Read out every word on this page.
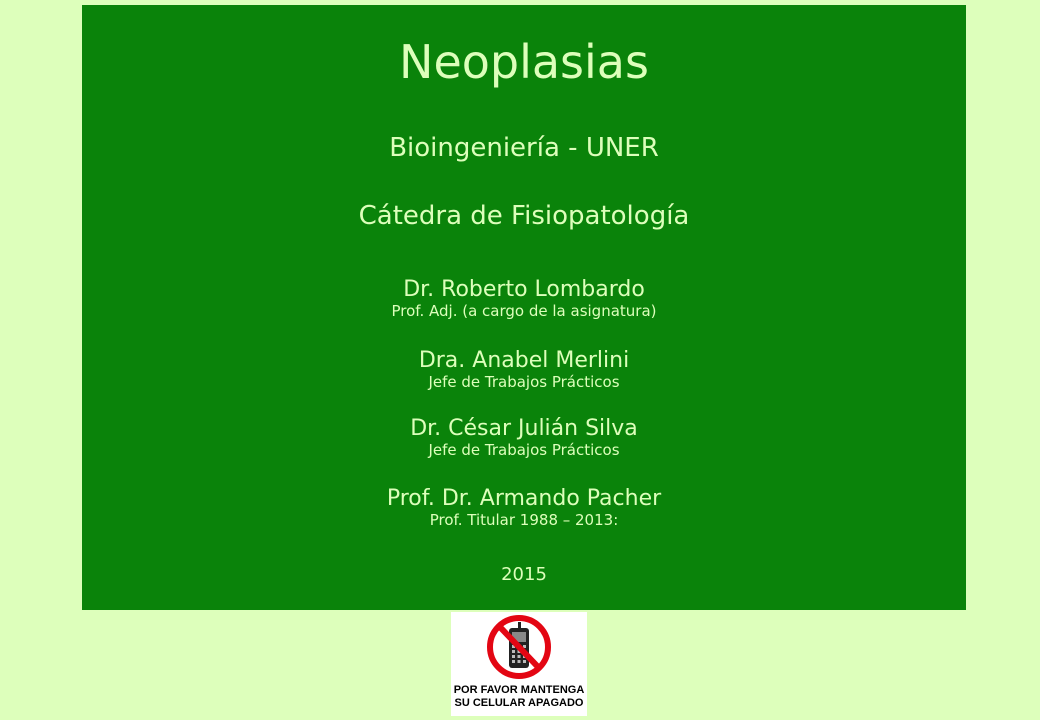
Neoplasias
Bioingeniería - UNER
Cátedra de Fisiopatología
Dr. Roberto Lombardo
Prof. Adj. (a cargo de la asignatura)
Dra. Anabel Merlini
Jefe de Trabajos Prácticos
Dr. César Julián Silva
Jefe de Trabajos Prácticos
Prof. Dr. Armando Pacher
Prof. Titular 1988 – 2013:
2015
POR FAVOR MANTENGA
SU CELULAR APAGADO
